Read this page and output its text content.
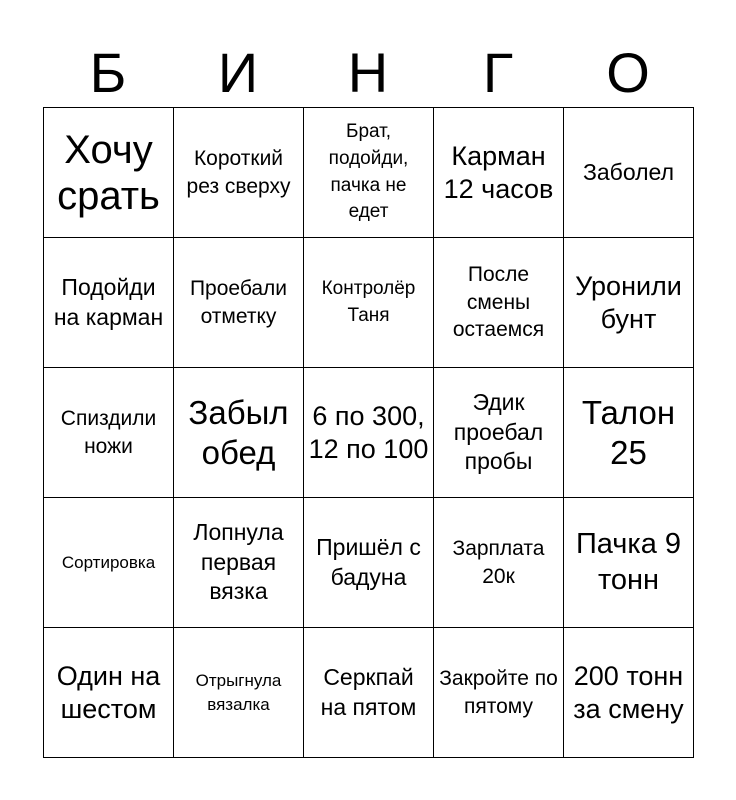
Б	И	Н	Г	О
Хочу срать
Короткий рез сверху
Брат, подойди, пачка не едет
Карман 12 часов
Заболел
Подойди на карман
Проебали отметку
Контролёр Таня
После смены остаемся
Уронили бунт
Спиздили ножи
Забыл обед
6 по 300, 12 по 100
Эдик проебал пробы
Талон 25
Сортировка
Лопнула первая вязка
Пришёл с бадуна
Зарплата 20к
Пачка 9 тонн
Один на шестом
Отрыгнула вязалка
Серкпай на пятом
Закройте по пятому
200 тонн за смену
